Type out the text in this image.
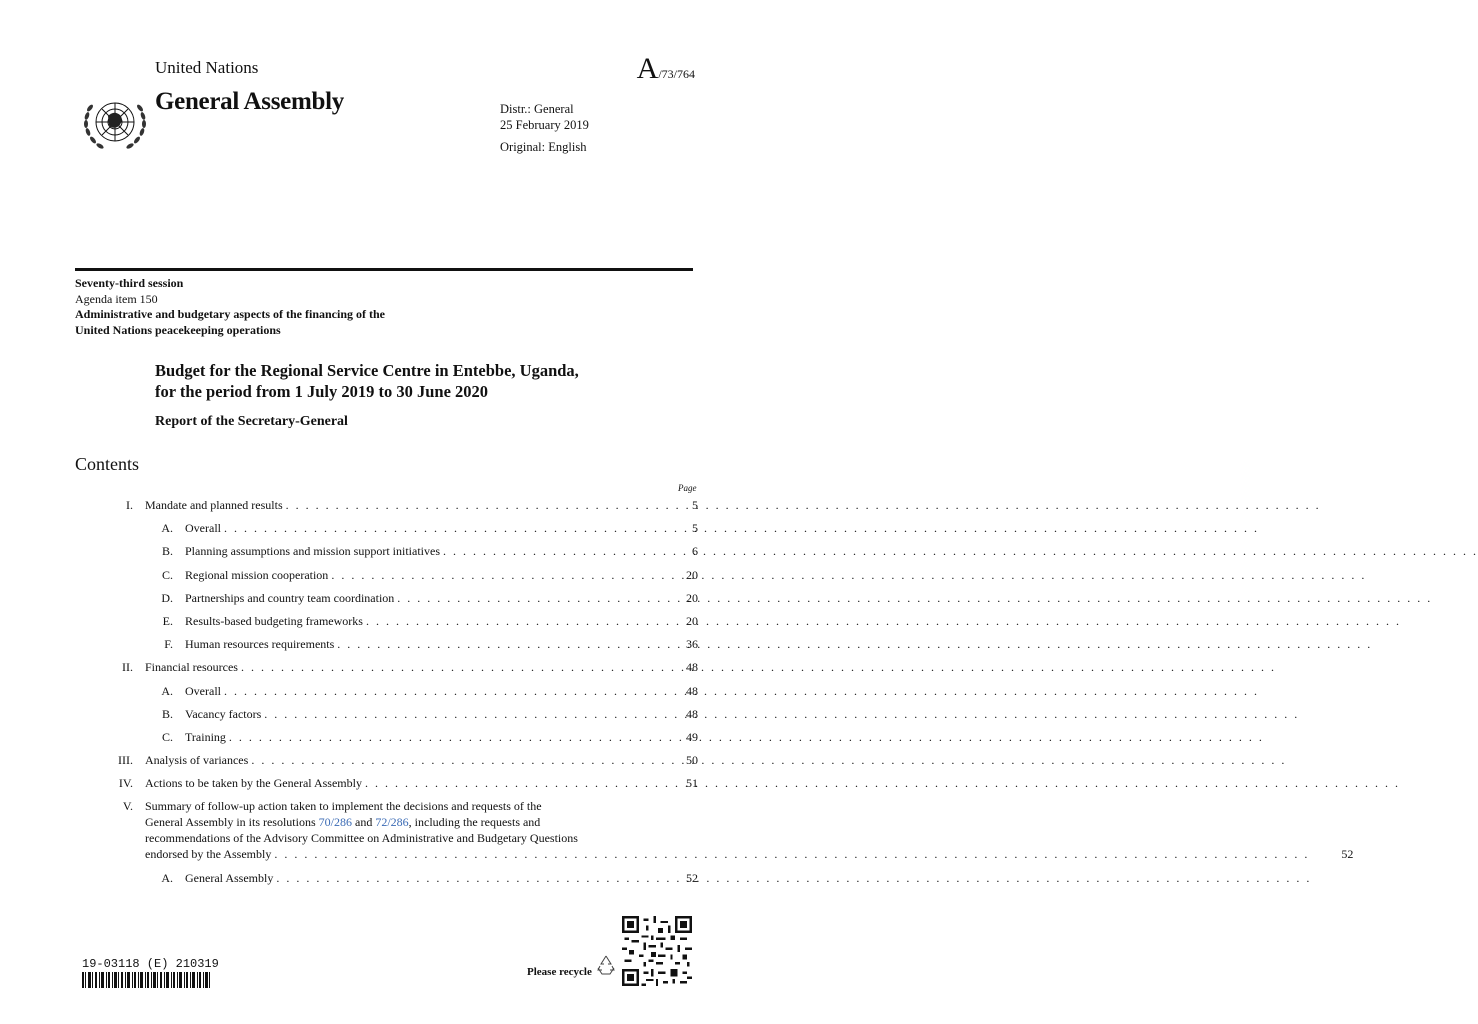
United Nations	A/73/764
General Assembly	Distr.: General
25 February 2019
Original: English
Seventy-third session
Agenda item 150
Administrative and budgetary aspects of the financing of the
United Nations peacekeeping operations
Budget for the Regional Service Centre in Entebbe, Uganda,
for the period from 1 July 2019 to 30 June 2020
Report of the Secretary-General
Contents
Page
I.	Mandate and planned results . . .	5
A.	Overall . . .	5
B.	Planning assumptions and mission support initiatives . . .	6
C.	Regional mission cooperation . . .	20
D.	Partnerships and country team coordination . . .	20
E.	Results-based budgeting frameworks . . .	20
F.	Human resources requirements . . .	36
II.	Financial resources . . .	48
A.	Overall . . .	48
B.	Vacancy factors . . .	48
C.	Training . . .	49
III.	Analysis of variances . . .	50
IV.	Actions to be taken by the General Assembly . . .	51
V.	Summary of follow-up action taken to implement the decisions and requests of the
General Assembly in its resolutions 70/286 and 72/286, including the requests and
recommendations of the Advisory Committee on Administrative and Budgetary Questions
endorsed by the Assembly . . .	52
A.	General Assembly . . .	52
19-03118 (E) 210319
Please recycle
